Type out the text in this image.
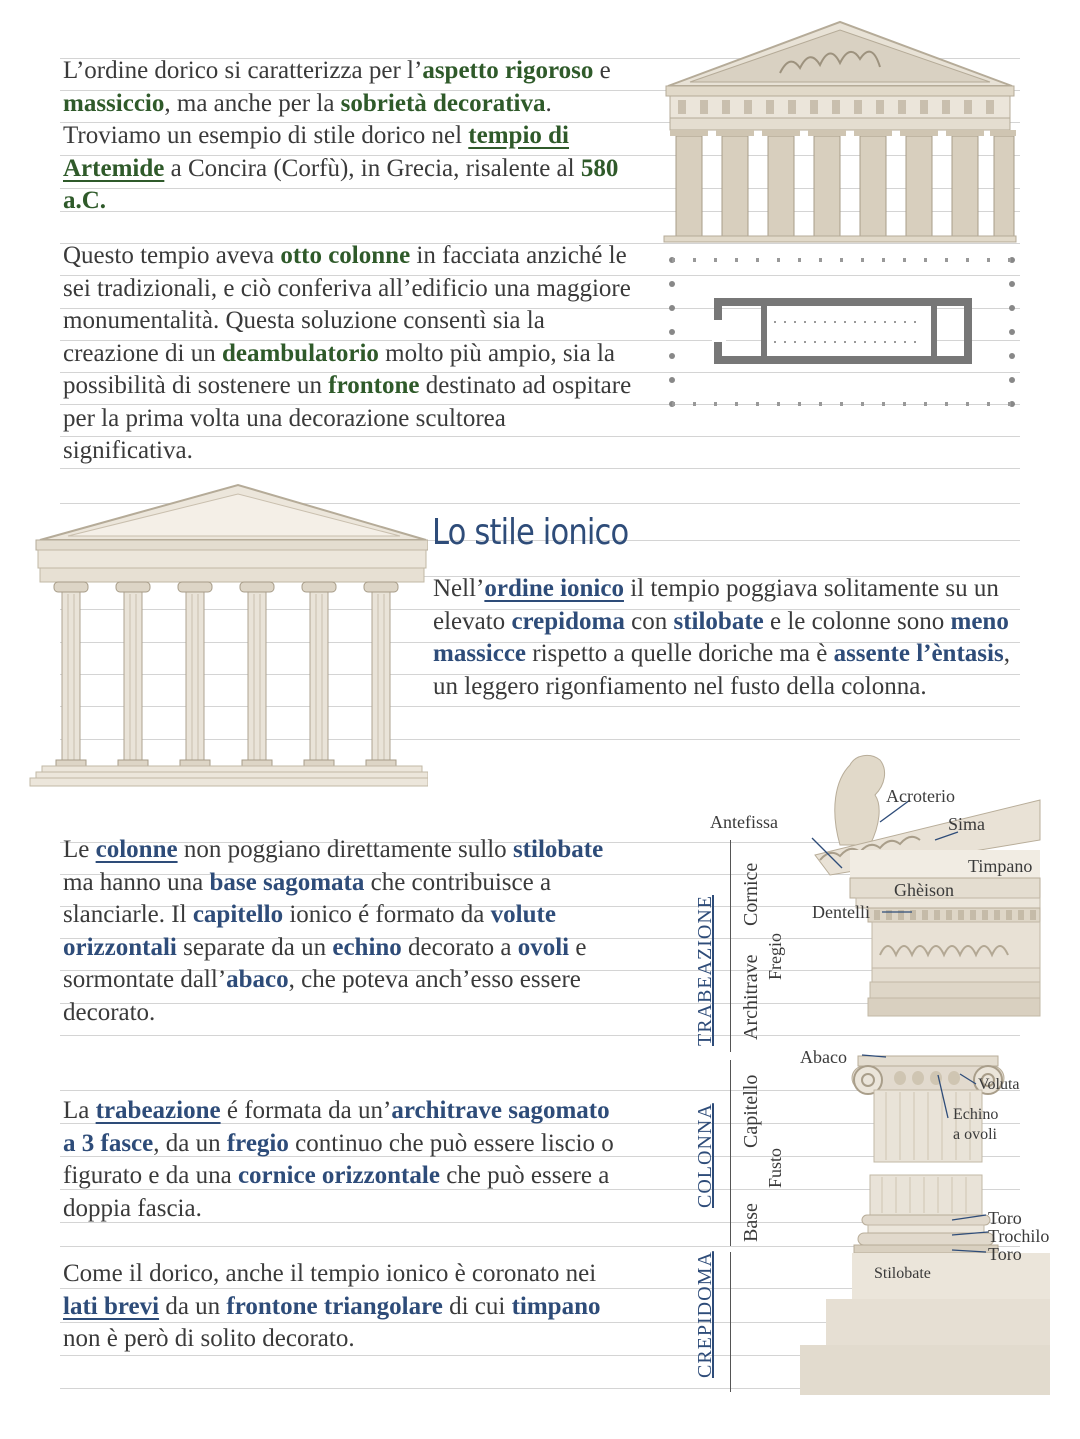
L’ordine dorico si caratterizza per l’aspetto rigoroso e massiccio, ma anche per la sobrietà decorativa. Troviamo un esempio di stile dorico nel tempio di Artemide a Concira (Corfù), in Grecia, risalente al 580 a.C.
Questo tempio aveva otto colonne in facciata anziché le sei tradizionali, e ciò conferiva all’edificio una maggiore monumentalità. Questa soluzione consentì sia la creazione di un deambulatorio molto più ampio, sia la possibilità di sostenere un frontone destinato ad ospitare per la prima volta una decorazione scultorea significativa.
Lo stile ionico
Nell’ordine ionico il tempio poggiava solitamente su un elevato crepidoma con stilobate e le colonne sono meno massicce rispetto a quelle doriche ma è assente l’èntasis, un leggero rigonfiamento nel fusto della colonna.
Le colonne non poggiano direttamente sullo stilobate ma hanno una base sagomata che contribuisce a slanciarle. Il capitello ionico é formato da volute orizzontali separate da un echino decorato a ovoli e sormontate dall’abaco, che poteva anch’esso essere decorato.
La trabeazione é formata da un’architrave sagomato a 3 fasce, da un fregio continuo che può essere liscio o figurato e da una cornice orizzontale che può essere a doppia fascia.
Come il dorico, anche il tempio ionico è coronato nei lati brevi da un frontone triangolare di cui timpano non è però di solito decorato.
TRABEAZIONE
COLONNA
CREPIDOMA
Cornice
Fregio
Architrave
Capitello
Fusto
Base
Antefissa
Acroterio
Sima
Timpano
Ghèison
Dentelli
Abaco
Voluta
Echino
a ovoli
Toro
Trochilo
Toro
Stilobate
